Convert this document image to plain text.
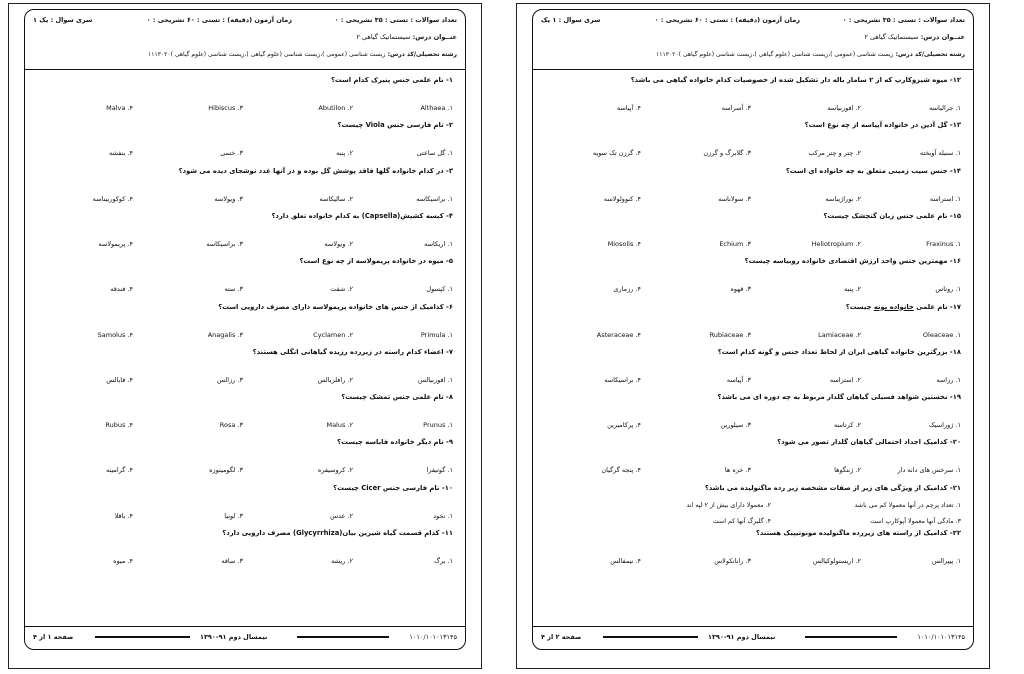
تعداد سوالات : تستی : ۳۵ تشریحی : ۰
زمان آزمون (دقیقه) : تستی : ۶۰ تشریحی : ۰
سری سوال : یک ۱
عنــوان درس: سیستماتیک گیاهی ۲
رشته تحصیلی/کد درس: زیست شناسی (عمومی )،زیست شناسی (علوم گیاهی )،زیست شناسی (علوم گیاهی )۱۱۱۳۰۲۰
۱- نام علمی جنس پنیرک کدام است؟
Althaea .۱
Abutilon .۲
Hibiscus .۳
Malva .۴
۲- نام فارسی جنس Viola چیست؟
۱. گل ساعتی
۲. پنبه
۳. ختمی
۴. بنفشه
۳- در کدام خانواده گلها فاقد پوشش گل بوده و در آنها غدد نوشجای دیده می شود؟
۱. براسیکاسه
۲. سالیکاسه
۳. ویولاسه
۴. کوکوربیتاسه
۴- کیسه کشیش(Capsella) به کدام خانواده تعلق دارد؟
۱. اریکاسه
۲. ویولاسه
۳. براسیکاسه
۴. پریمولاسه
۵- میوه در خانواده پریمولاسه از چه نوع است؟
۱. کپسول
۲. شفت
۳. سته
۴. فندقه
۶- کدامیک از جنس های خانواده پریمولاسه دارای مصرف دارویی است؟
Primula .۱
Cyclamen .۲
Anagalis .۳
Samolus .۴
۷- اعضاء کدام راسته در زیررده رزیده گیاهانی انگلی هستند؟
۱. افوربیالس
۲. رافلزیالس
۳. رزالس
۴. فابالس
۸- نام علمی جنس تمشک چیست؟
Prunus .۱
Malus .۲
Rosa .۳
Rubus .۴
۹- نام دیگر خانواده فاباسه چیست؟
۱. گوتیفرا
۲. کروسیفره
۳. لگومینوزه
۴. گرامینه
۱۰- نام فارسی جنس Cicer چیست؟
۱. نخود
۲. عدس
۳. لوبیا
۴. باقلا
۱۱- کدام قسمت گیاه شیرین بیان(Glycyrrhiza) مصرف دارویی دارد؟
۱. برگ
۲. ریشه
۳. ساقه
۴. میوه
صفحه ۱ از ۴	نیمسال دوم ۹۱-۱۳۹۰	۱۰۱۰/۱۰۱۰۱۳۱۴۵
تعداد سوالات : تستی : ۳۵ تشریحی : ۰
زمان آزمون (دقیقه) : تستی : ۶۰ تشریحی : ۰
سری سوال : ۱ یک
عنــوان درس: سیستماتیک گیاهی ۲
رشته تحصیلی/کد درس: زیست شناسی (عمومی )،زیست شناسی (علوم گیاهی )،زیست شناسی (علوم گیاهی )۱۱۱۳۰۲۰
۱۲- میوه شیزوکارپ که از ۲ سامار باله دار تشکیل شده از خصوصیات کدام خانواده گیاهی می باشد؟
۱. جرالیاسه
۲. افوربیاسه
۳. آسراسه
۴. آپیاسه
۱۳- گل آذین در خانواده آپیاسه از چه نوع است؟
۱. سنبله آویخته
۲. چتر و چتر مرکب
۳. گلابرگ و گرزن
۴. گرزن تک سویه
۱۴- جنس سیب زمینی متعلق به چه خانواده ای است؟
۱. استراسه
۲. بوراژیناسه
۳. سولاناسه
۴. کنوولولاسه
۱۵- نام علمی جنس زبان گنجشک چیست؟
Fraxinus .۱
Heliotropium .۲
Echium .۳
Miosolis .۴
۱۶- مهمترین جنس واحد ارزش اقتصادی خانواده روبیاسه چیست؟
۱. روناس
۲. پنبه
۳. قهوه
۴. رزماری
۱۷- نام علمی خانواده پونه چیست؟
Oleaceae .۱
Lamiaceae .۲
Rubiaceae .۳
Asteraceae .۴
۱۸- بزرگترین خانواده گیاهی ایران از لحاظ تعداد جنس و گونه کدام است؟
۱. رزاسه
۲. استراسه
۳. آپیاسه
۴. براسیکاسه
۱۹- نخستین شواهد فسیلی گیاهان گلدار مربوط به چه دوره ای می باشد؟
۱. ژوراسیک
۲. کرتاسه
۳. سیلورین
۴. پرکامبرین
۲۰- کدامیک اجداد احتمالی گیاهان گلدار تصور می شود؟
۱. سرخس های دانه دار
۲. ژنتگوها
۳. خزه ها
۴. پنجه گرگیان
۲۱- کدامیک از ویژگی های زیر از صفات مشخصه زیر رده ماگنولیده می باشد؟
۱. تعداد پرچم در آنها معمولا کم می باشد
۲. معمولا دارای بیش از ۲ لپه اند
۳. مادگی آنها معمولا آپوکارپ است
۴. گلبرگ آنها کم است
۲۲- کدامیک از راسته های زیررده ماگنولیده مونوتیپیک هستند؟
۱. پیپرالس
۲. اریستولوکیالس
۳. رانانکولاس
۴. نیمفالس
صفحه ۲ از ۴	نیمسال دوم ۹۱-۱۳۹۰	۱۰۱۰/۱۰۱۰۱۳۱۴۵
